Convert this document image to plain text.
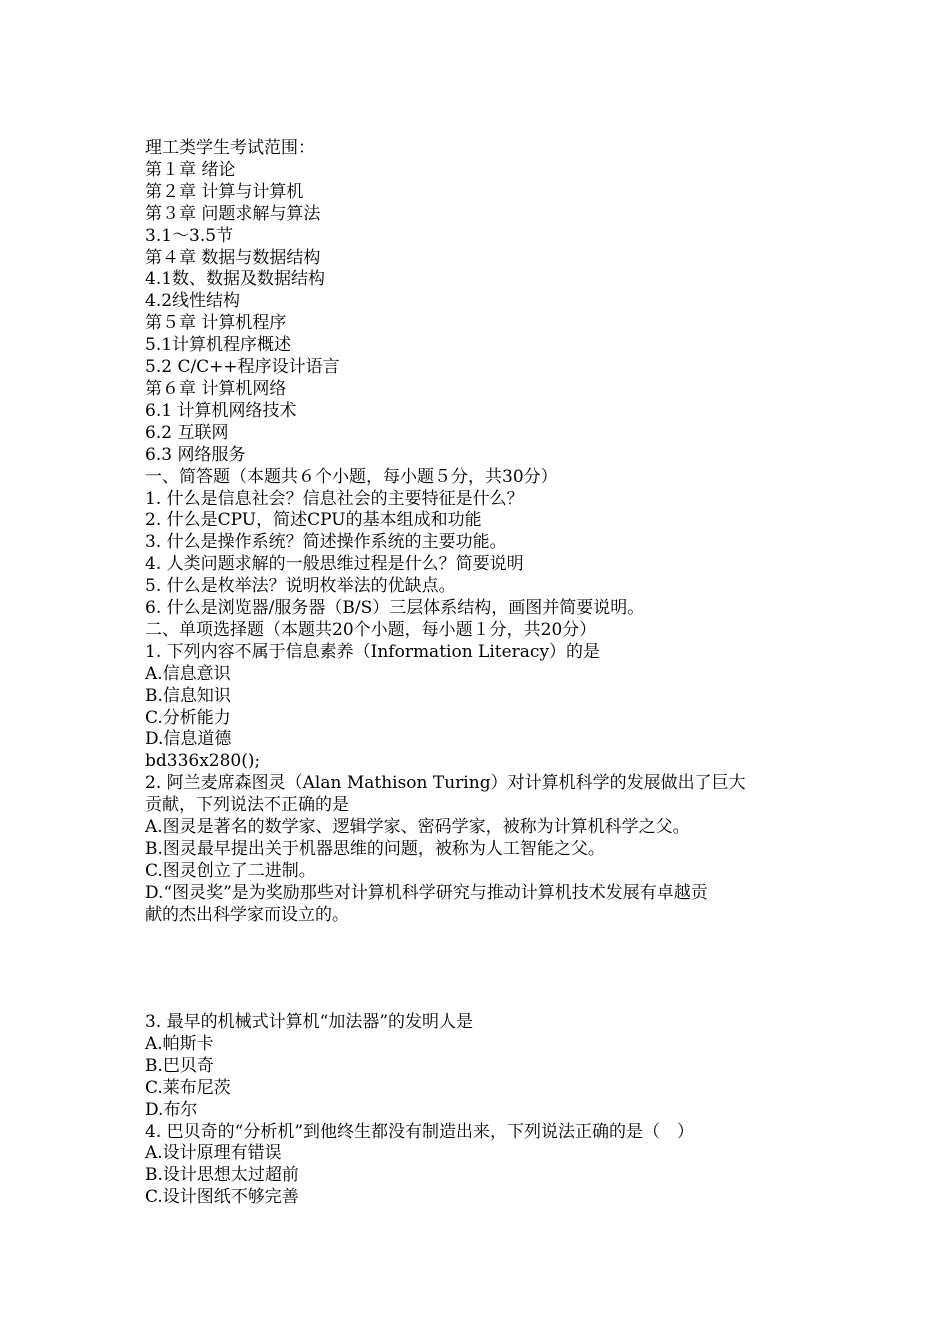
理工类学生考试范围：
第１章 绪论
第２章 计算与计算机
第３章 问题求解与算法
3.1～3.5节
第４章 数据与数据结构
4.1数、数据及数据结构
4.2线性结构
第５章 计算机程序
5.1计算机程序概述
5.2 C/C++程序设计语言
第６章 计算机网络
6.1 计算机网络技术
6.2 互联网
6.3 网络服务
一、简答题（本题共６个小题，每小题５分，共30分）
1. 什么是信息社会？信息社会的主要特征是什么？
2. 什么是CPU，简述CPU的基本组成和功能
3. 什么是操作系统？简述操作系统的主要功能。
4. 人类问题求解的一般思维过程是什么？简要说明
5. 什么是枚举法？说明枚举法的优缺点。
6. 什么是浏览器/服务器（B/S）三层体系结构，画图并简要说明。
二、单项选择题（本题共20个小题，每小题１分，共20分）
1. 下列内容不属于信息素养（Information Literacy）的是
A.信息意识
B.信息知识
C.分析能力
D.信息道德
bd336x280();
2. 阿兰麦席森图灵（Alan Mathison Turing）对计算机科学的发展做出了巨大
贡献，下列说法不正确的是
A.图灵是著名的数学家、逻辑学家、密码学家，被称为计算机科学之父。
B.图灵最早提出关于机器思维的问题，被称为人工智能之父。
C.图灵创立了二进制。
D.“图灵奖”是为奖励那些对计算机科学研究与推动计算机技术发展有卓越贡
献的杰出科学家而设立的。
3. 最早的机械式计算机“加法器”的发明人是
A.帕斯卡
B.巴贝奇
C.莱布尼茨
D.布尔
4. 巴贝奇的“分析机”到他终生都没有制造出来，下列说法正确的是（　）
A.设计原理有错误
B.设计思想太过超前
C.设计图纸不够完善
